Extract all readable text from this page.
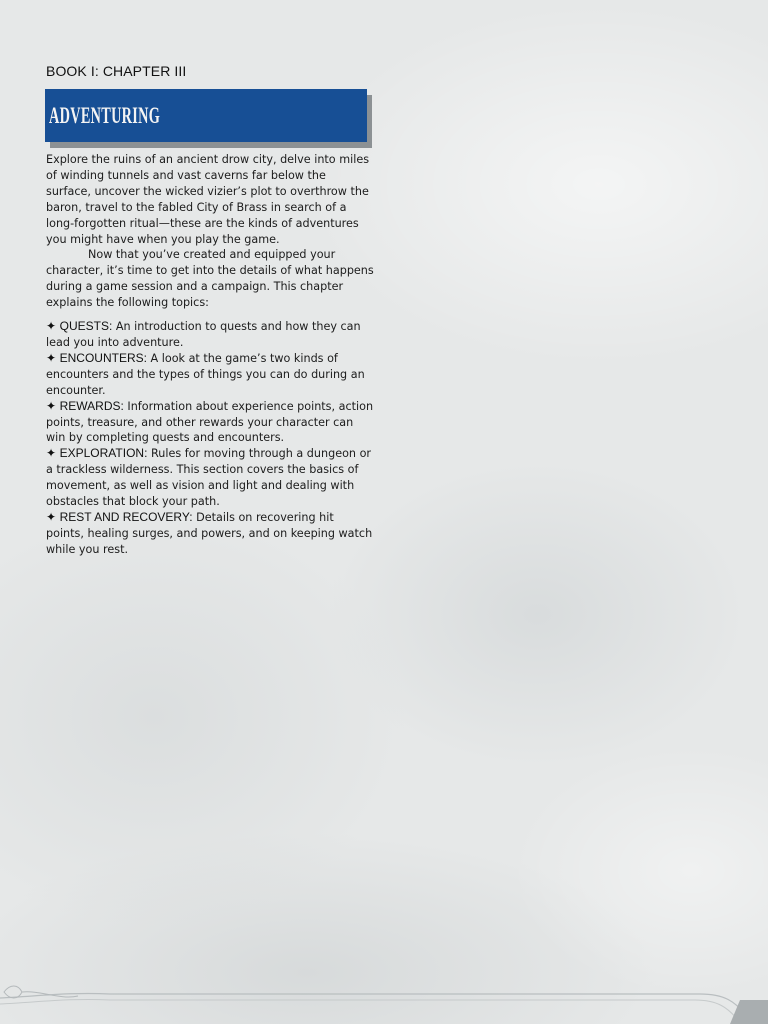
BOOK I: CHAPTER III
ADVENTURING

Explore the ruins of an ancient drow city, delve into miles of winding tunnels and vast caverns far below the surface, uncover the wicked vizier’s plot to overthrow the baron, travel to the fabled City of Brass in search of a long-forgotten ritual—these are the kinds of adventures you might have when you play the game.

Now that you’ve created and equipped your character, it’s time to get into the details of what happens during a game session and a campaign. This chapter explains the following topics:

✦ QUESTS: An introduction to quests and how they can lead you into adventure.
✦ ENCOUNTERS: A look at the game’s two kinds of encounters and the types of things you can do during an encounter.
✦ REWARDS: Information about experience points, action points, treasure, and other rewards your character can win by completing quests and encounters.
✦ EXPLORATION: Rules for moving through a dungeon or a trackless wilderness. This section covers the basics of movement, as well as vision and light and dealing with obstacles that block your path.
✦ REST AND RECOVERY: Details on recovering hit points, healing surges, and powers, and on keeping watch while you rest.
